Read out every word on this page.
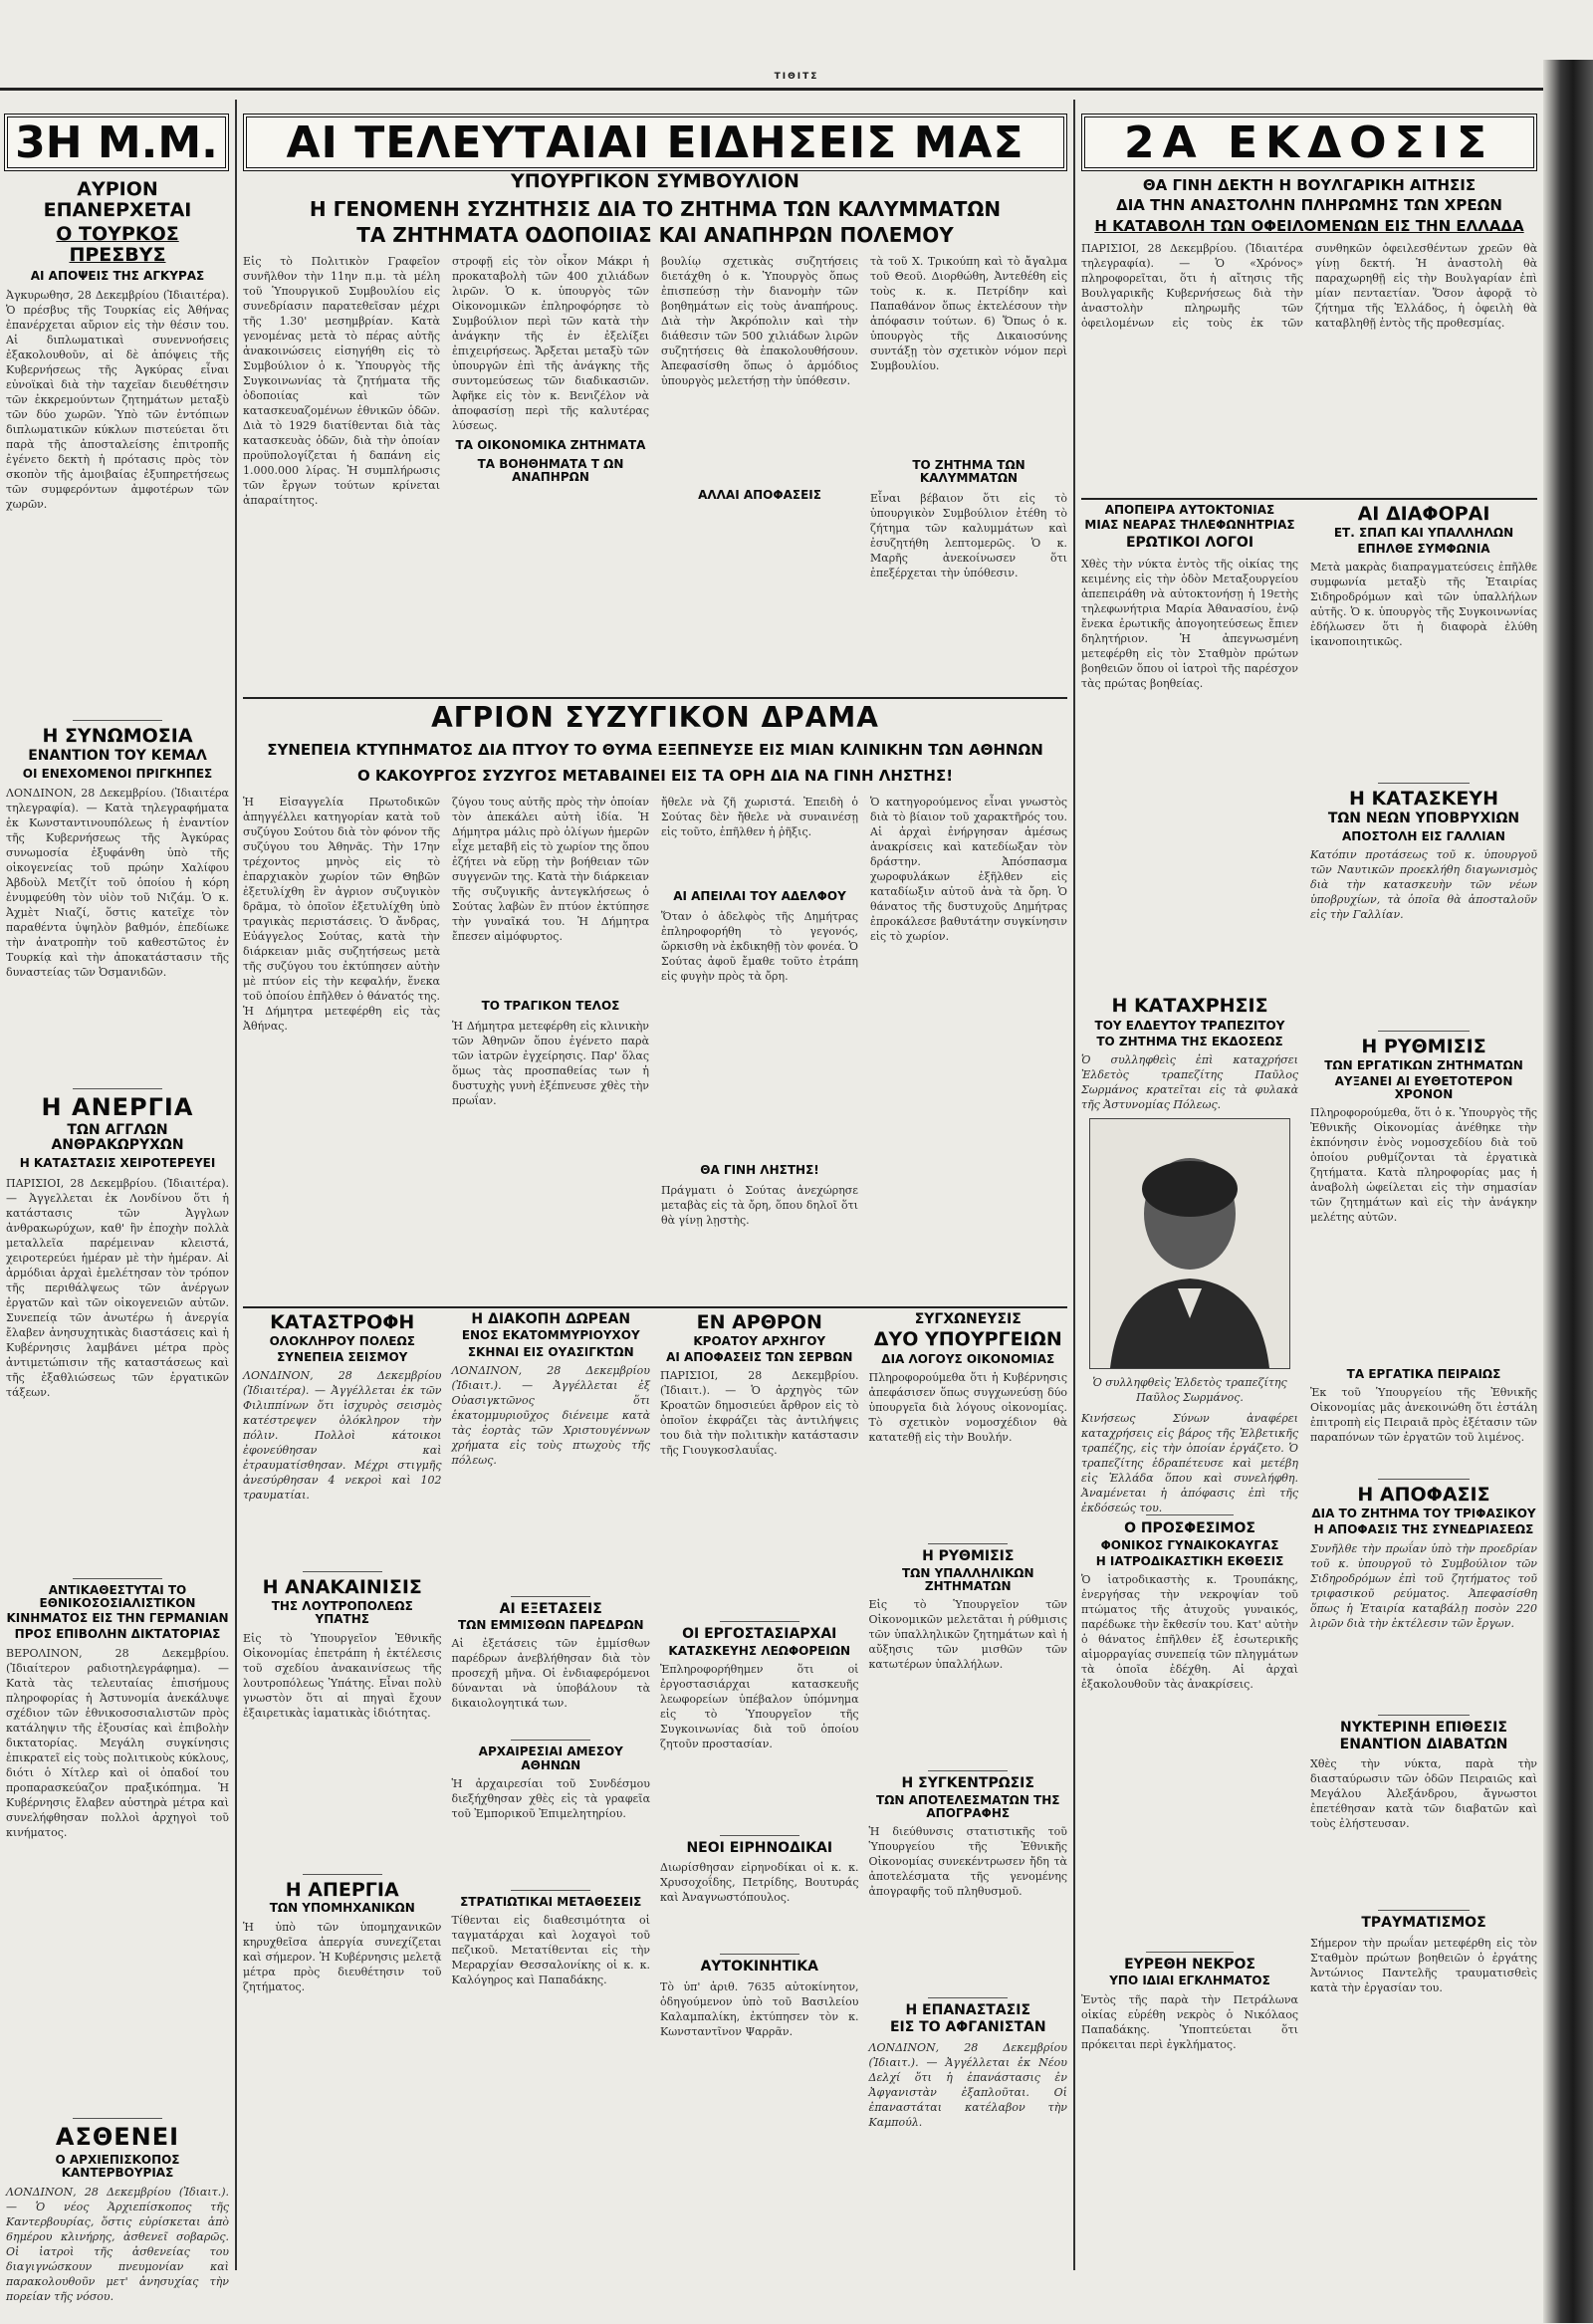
ΤΙΘΙΤΣ
3Η Μ.Μ.	ΑΙ ΤΕΛΕΥΤΑΙΑΙ ΕΙΔΗΣΕΙΣ ΜΑΣ	2Α ΕΚΔΟΣΙΣ
ΑΥΡΙΟΝ ΕΠΑΝΕΡΧΕΤΑΙ
Ο ΤΟΥΡΚΟΣ ΠΡΕΣΒΥΣ
ΑΙ ΑΠΟΨΕΙΣ ΤΗΣ ΑΓΚΥΡΑΣ

Ἀγκυρωθησ, 28 Δεκεμβρίου (Ἰδιαιτέρα). Ὁ πρέσβυς τῆς Τουρκίας εἰς Ἀθήνας ἐπανέρχεται αὔριον εἰς τὴν θέσιν του. Αἱ διπλωματικαὶ συνεννοήσεις ἐξακολουθοῦν, αἱ δὲ ἀπόψεις τῆς Κυβερνήσεως τῆς Ἀγκύρας εἶναι εὐνοϊκαὶ διὰ τὴν ταχεῖαν διευθέτησιν τῶν ἐκκρεμούντων ζητημάτων μεταξὺ τῶν δύο χωρῶν. Ὑπὸ τῶν ἐντόπιων διπλωματικῶν κύκλων πιστεύεται ὅτι παρὰ τῆς ἀποσταλείσης ἐπιτροπῆς ἐγένετο δεκτὴ ἡ πρότασις πρὸς τὸν σκοπὸν τῆς ἀμοιβαίας ἐξυπηρετήσεως τῶν συμφερόντων ἀμφοτέρων τῶν χωρῶν.

Η ΣΥΝΩΜΟΣΙΑ
ΕΝΑΝΤΙΟΝ ΤΟΥ ΚΕΜΑΛ
ΟΙ ΕΝΕΧΟΜΕΝΟΙ ΠΡΙΓΚΗΠΕΣ

ΛΟΝΔΙΝΟΝ, 28 Δεκεμβρίου. (Ἰδιαιτέρα τηλεγραφία). — Κατὰ τηλεγραφήματα ἐκ Κωνσταντινουπόλεως ἡ ἐναντίον τῆς Κυβερνήσεως τῆς Ἀγκύρας συνωμοσία ἐξυφάνθη ὑπὸ τῆς οἰκογενείας τοῦ πρώην Χαλίφου Ἀβδοὺλ Μετζίτ τοῦ ὁποίου ἡ κόρη ἐνυμφεύθη τὸν υἱὸν τοῦ Νιζάμ. Ὁ κ. Ἀχμὲτ Νιαζί, ὅστις κατεῖχε τὸν παραθέντα ὑψηλὸν βαθμόν, ἐπεδίωκε τὴν ἀνατροπὴν τοῦ καθεστῶτος ἐν Τουρκίᾳ καὶ τὴν ἀποκατάστασιν τῆς δυναστείας τῶν Ὀσμανιδῶν.

Η ΑΝΕΡΓΙΑ
ΤΩΝ ΑΓΓΛΩΝ ΑΝΘΡΑΚΩΡΥΧΩΝ
Η ΚΑΤΑΣΤΑΣΙΣ ΧΕΙΡΟΤΕΡΕΥΕΙ

ΠΑΡΙΣΙΟΙ, 28 Δεκεμβρίου. (Ἰδιαιτέρα). — Ἀγγελλεται ἐκ Λονδίνου ὅτι ἡ κατάστασις τῶν Ἀγγλων ἀνθρακωρύχων, καθ' ἣν ἐποχὴν πολλὰ μεταλλεῖα παρέμειναν κλειστά, χειροτερεύει ἡμέραν μὲ τὴν ἡμέραν. Αἱ ἀρμόδιαι ἀρχαὶ ἐμελέτησαν τὸν τρόπον τῆς περιθάλψεως τῶν ἀνέργων ἐργατῶν καὶ τῶν οἰκογενειῶν αὐτῶν. Συνεπείᾳ τῶν ἀνωτέρω ἡ ἀνεργία ἔλαβεν ἀνησυχητικὰς διαστάσεις καὶ ἡ Κυβέρνησις λαμβάνει μέτρα πρὸς ἀντιμετώπισιν τῆς καταστάσεως καὶ τῆς ἐξαθλιώσεως τῶν ἐργατικῶν τάξεων.

ΑΝΤΙΚΑΘΕΣΤΥΤΑΙ ΤΟ ΕΘΝΙΚΟΣΟΣΙΑΛΙΣΤΙΚΟΝ
ΚΙΝΗΜΑΤΟΣ ΕΙΣ ΤΗΝ ΓΕΡΜΑΝΙΑΝ
ΠΡΟΣ ΕΠΙΒΟΛΗΝ ΔΙΚΤΑΤΟΡΙΑΣ

ΒΕΡΟΛΙΝΟΝ, 28 Δεκεμβρίου. (Ἰδιαίτερον ραδιοτηλεγράφημα). — Κατὰ τὰς τελευταίας ἐπισήμους πληροφορίας ἡ Ἀστυνομία ἀνεκάλυψε σχέδιον τῶν ἐθνικοσοσιαλιστῶν πρὸς κατάληψιν τῆς ἐξουσίας καὶ ἐπιβολὴν δικτατορίας. Μεγάλη συγκίνησις ἐπικρατεῖ εἰς τοὺς πολιτικοὺς κύκλους, διότι ὁ Χίτλερ καὶ οἱ ὀπαδοί του προπαρασκεύαζον πραξικόπημα. Ἡ Κυβέρνησις ἔλαβεν αὐστηρὰ μέτρα καὶ συνελήφθησαν πολλοὶ ἀρχηγοὶ τοῦ κινήματος.

ΑΣΘΕΝΕΙ
Ο ΑΡΧΙΕΠΙΣΚΟΠΟΣ ΚΑΝΤΕΡΒΟΥΡΙΑΣ

ΛΟΝΔΙΝΟΝ, 28 Δεκεμβρίου (Ἰδιαιτ.). — Ὁ νέος Ἀρχιεπίσκοπος τῆς Καντερβουρίας, ὅστις εὑρίσκεται ἀπὸ 6ημέρου κλινήρης, ἀσθενεῖ σοβαρῶς. Οἱ ἰατροὶ τῆς ἀσθενείας του διαγιγνώσκουν πνευμονίαν καὶ παρακολουθοῦν μετ' ἀνησυχίας τὴν πορείαν τῆς νόσου.

ΥΠΟΥΡΓΙΚΟΝ ΣΥΜΒΟΥΛΙΟΝ
Η ΓΕΝΟΜΕΝΗ ΣΥΖΗΤΗΣΙΣ ΔΙΑ ΤΟ ΖΗΤΗΜΑ ΤΩΝ ΚΑΛΥΜΜΑΤΩΝ
ΤΑ ΖΗΤΗΜΑΤΑ ΟΔΟΠΟΙΙΑΣ ΚΑΙ ΑΝΑΠΗΡΩΝ ΠΟΛΕΜΟΥ

Εἰς τὸ Πολιτικὸν Γραφεῖον συνῆλθον τὴν 11ην π.μ. τὰ μέλη τοῦ Ὑπουργικοῦ Συμβουλίου εἰς συνεδρίασιν παρατεθεῖσαν μέχρι τῆς 1.30' μεσημβρίαν. Κατὰ γενομένας μετὰ τὸ πέρας αὐτῆς ἀνακοινώσεις εἰσηγήθη εἰς τὸ Συμβούλιον ὁ κ. Ὑπουργὸς τῆς Συγκοινωνίας τὰ ζητήματα τῆς ὁδοποιίας καὶ τῶν κατασκευαζομένων ἐθνικῶν ὁδῶν. Διὰ τὸ 1929 διατίθενται διὰ τὰς κατασκευὰς ὁδῶν, διὰ τὴν ὁποίαν προϋπολογίζεται ἡ δαπάνη εἰς 1.000.000 λίρας. Ἡ συμπλήρωσις τῶν ἔργων τούτων κρίνεται ἀπαραίτητος.

στροφῇ εἰς τὸν οἶκον Μάκρι ἡ προκαταβολὴ τῶν 400 χιλιάδων λιρῶν. Ὁ κ. ὑπουργὸς τῶν Οἰκονομικῶν ἐπληροφόρησε τὸ Συμβούλιον περὶ τῶν κατὰ τὴν ἀνάγκην τῆς ἐν ἐξελίξει ἐπιχειρήσεως. Ἄρξεται μεταξὺ τῶν ὑπουργῶν ἐπὶ τῆς ἀνάγκης τῆς συντομεύσεως τῶν διαδικασιῶν. Ἀφῆκε εἰς τὸν κ. Βενιζέλον νὰ ἀποφασίσῃ περὶ τῆς καλυτέρας λύσεως.

ΤΑ ΟΙΚΟΝΟΜΙΚΑ ΖΗΤΗΜΑΤΑ
ΤΑ ΒΟΗΘΗΜΑΤΑ Τ ΩΝ ΑΝΑΠΗΡΩΝ

βουλίῳ σχετικὰς συζητήσεις διετάχθη ὁ κ. Ὑπουργὸς ὅπως ἐπισπεύσῃ τὴν διανομὴν τῶν βοηθημάτων εἰς τοὺς ἀναπήρους. Διὰ τὴν Ἀκρόπολιν καὶ τὴν διάθεσιν τῶν 500 χιλιάδων λιρῶν συζητήσεις θὰ ἐπακολουθήσουν. Ἀπεφασίσθη ὅπως ὁ ἀρμόδιος ὑπουργὸς μελετήσῃ τὴν ὑπόθεσιν.

ΑΛΛΑΙ ΑΠΟΦΑΣΕΙΣ

τὰ τοῦ Χ. Τρικούπη καὶ τὸ ἄγαλμα τοῦ Θεοῦ. Διορθώθη, Ἀντεθέθη εἰς τοὺς κ. κ. Πετρίδην καὶ Παπαθάνον ὅπως ἐκτελέσουν τὴν ἀπόφασιν τούτων. 6) Ὅπως ὁ κ. ὑπουργὸς τῆς Δικαιοσύνης συντάξῃ τὸν σχετικὸν νόμον περὶ Συμβουλίου.

ΤΟ ΖΗΤΗΜΑ ΤΩΝ ΚΑΛΥΜΜΑΤΩΝ

Εἶναι βέβαιον ὅτι εἰς τὸ ὑπουργικὸν Συμβούλιον ἐτέθη τὸ ζήτημα τῶν καλυμμάτων καὶ ἐσυζητήθη λεπτομερῶς. Ὁ κ. Μαρῆς ἀνεκοίνωσεν ὅτι ἐπεξέρχεται τὴν ὑπόθεσιν.

ΑΓΡΙΟΝ ΣΥΖΥΓΙΚΟΝ ΔΡΑΜΑ
ΣΥΝΕΠΕΙΑ ΚΤΥΠΗΜΑΤΟΣ ΔΙΑ ΠΤΥΟΥ ΤΟ ΘΥΜΑ ΕΞΕΠΝΕΥΣΕ ΕΙΣ ΜΙΑΝ ΚΛΙΝΙΚΗΝ ΤΩΝ ΑΘΗΝΩΝ
Ο ΚΑΚΟΥΡΓΟΣ ΣΥΖΥΓΟΣ ΜΕΤΑΒΑΙΝΕΙ ΕΙΣ ΤΑ ΟΡΗ ΔΙΑ ΝΑ ΓΙΝΗ ΛΗΣΤΗΣ!

Ἡ Εἰσαγγελία Πρωτοδικῶν ἀπηγγέλλει κατηγορίαν κατὰ τοῦ συζύγου Σούτου διὰ τὸν φόνον τῆς συζύγου του Ἀθηνᾶς. Τὴν 17ην τρέχοντος μηνὸς εἰς τὸ ἐπαρχιακὸν χωρίον τῶν Θηβῶν ἐξετυλίχθη ἓν ἀγριον συζυγικὸν δρᾶμα, τὸ ὁποῖον ἐξετυλίχθη ὑπὸ τραγικὰς περιστάσεις. Ὁ ἄνδρας, Εὐάγγελος Σούτας, κατὰ τὴν διάρκειαν μιᾶς συζητήσεως μετὰ τῆς συζύγου του ἐκτύπησεν αὐτὴν μὲ πτύον εἰς τὴν κεφαλήν, ἕνεκα τοῦ ὁποίου ἐπῆλθεν ὁ θάνατός της. Ἡ Δήμητρα μετεφέρθη εἰς τὰς Ἀθήνας.

ζύγου τους αὐτῆς πρὸς τὴν ὁποίαν τὸν ἀπεκάλει αὐτὴ ἰδία. Ἡ Δήμητρα μάλις πρὸ ὀλίγων ἡμερῶν εἶχε μεταβῆ εἰς τὸ χωρίον της ὅπου ἐζήτει νὰ εὕρῃ τὴν βοήθειαν τῶν συγγενῶν της. Κατὰ τὴν διάρκειαν τῆς συζυγικῆς ἀντεγκλήσεως ὁ Σούτας λαβὼν ἓν πτύον ἐκτύπησε τὴν γυναῖκά του. Ἡ Δήμητρα ἔπεσεν αἱμόφυρτος.

ΤΟ ΤΡΑΓΙΚΟΝ ΤΕΛΟΣ

Ἡ Δήμητρα μετεφέρθη εἰς κλινικὴν τῶν Ἀθηνῶν ὅπου ἐγένετο παρὰ τῶν ἰατρῶν ἐγχείρησις. Παρ' ὅλας ὅμως τὰς προσπαθείας των ἡ δυστυχὴς γυνὴ ἐξέπνευσε χθὲς τὴν πρωΐαν.

ἤθελε νὰ ζῆ χωριστά. Ἐπειδὴ ὁ Σούτας δὲν ἤθελε νὰ συναινέσῃ εἰς τοῦτο, ἐπῆλθεν ἡ ῥῆξις.

ΑΙ ΑΠΕΙΛΑΙ ΤΟΥ ΑΔΕΛΦΟΥ

Ὅταν ὁ ἀδελφὸς τῆς Δημήτρας ἐπληροφορήθη τὸ γεγονός, ὥρκισθη νὰ ἐκδικηθῇ τὸν φονέα. Ὁ Σούτας ἀφοῦ ἔμαθε τοῦτο ἐτράπη εἰς φυγὴν πρὸς τὰ ὄρη.

ΘΑ ΓΙΝΗ ΛΗΣΤΗΣ!

Πράγματι ὁ Σούτας ἀνεχώρησε μεταβὰς εἰς τὰ ὄρη, ὅπου δηλοῖ ὅτι θὰ γίνῃ λῃστὴς.

Ὁ κατηγορούμενος εἶναι γνωστὸς διὰ τὸ βίαιον τοῦ χαρακτῆρός του. Αἱ ἀρχαὶ ἐνήργησαν ἀμέσως ἀνακρίσεις καὶ κατεδίωξαν τὸν δράστην. Ἀπόσπασμα χωροφυλάκων ἐξῆλθεν εἰς καταδίωξιν αὐτοῦ ἀνὰ τὰ ὄρη. Ὁ θάνατος τῆς δυστυχοῦς Δημήτρας ἐπροκάλεσε βαθυτάτην συγκίνησιν εἰς τὸ χωρίον.

Η ΚΑΤΑΧΡΗΣΙΣ
ΤΟΥ ΕΛΔΕΥΤΟΥ ΤΡΑΠΕΖΙΤΟΥ
ΤΟ ΖΗΤΗΜΑ ΤΗΣ ΕΚΔΟΣΕΩΣ

Ὁ συλληφθεὶς ἐπὶ καταχρήσει Ἐλδετὸς τραπεζίτης Παῦλος Σωρμάνος κρατεῖται εἰς τὰ φυλακὰ τῆς Ἀστυνομίας Πόλεως.

Ὁ συλληφθεὶς Ἐλδετὸς τραπεζίτης Παῦλος Σωρμάνος.

Κινήσεως Σύνων ἀναφέρει καταχρήσεις εἰς βάρος τῆς Ἑλβετικῆς τραπέζης, εἰς τὴν ὁποίαν ἐργάζετο. Ὁ τραπεζίτης ἐδραπέτευσε καὶ μετέβη εἰς Ἑλλάδα ὅπου καὶ συνελήφθη. Ἀναμένεται ἡ ἀπόφασις ἐπὶ τῆς ἐκδόσεώς του.

Ο ΠΡΟΣΦΕΣΙΜΟΣ
ΦΟΝΙΚΟΣ ΓΥΝΑΙΚΟΚΑΥΓΑΣ
Η ΙΑΤΡΟΔΙΚΑΣΤΙΚΗ ΕΚΘΕΣΙΣ

Ὁ ἰατροδικαστὴς κ. Τρουπάκης, ἐνεργήσας τὴν νεκροψίαν τοῦ πτώματος τῆς ἀτυχοῦς γυναικός, παρέδωκε τὴν ἔκθεσίν του. Κατ' αὐτὴν ὁ θάνατος ἐπῆλθεν ἐξ ἐσωτερικῆς αἱμορραγίας συνεπείᾳ τῶν πληγμάτων τὰ ὁποῖα ἐδέχθη. Αἱ ἀρχαὶ ἐξακολουθοῦν τὰς ἀνακρίσεις.

ΚΑΤΑΣΤΡΟΦΗ
ΟΛΟΚΛΗΡΟΥ ΠΟΛΕΩΣ
ΣΥΝΕΠΕΙΑ ΣΕΙΣΜΟΥ

ΛΟΝΔΙΝΟΝ, 28 Δεκεμβρίου (Ἰδιαιτέρα). — Ἀγγέλλεται ἐκ τῶν Φιλιππίνων ὅτι ἰσχυρὸς σεισμὸς κατέστρεψεν ὁλόκληρον τὴν πόλιν. Πολλοὶ κάτοικοι ἐφονεύθησαν καὶ ἐτραυματίσθησαν. Μέχρι στιγμῆς ἀνεσύρθησαν 4 νεκροὶ καὶ 102 τραυματίαι.

Η ΑΝΑΚΑΙΝΙΣΙΣ
ΤΗΣ ΛΟΥΤΡΟΠΟΛΕΩΣ ΥΠΑΤΗΣ

Εἰς τὸ Ὑπουργεῖον Ἐθνικῆς Οἰκονομίας ἐπετράπη ἡ ἐκτέλεσις τοῦ σχεδίου ἀνακαινίσεως τῆς λουτροπόλεως Ὑπάτης. Εἶναι πολὺ γνωστὸν ὅτι αἱ πηγαὶ ἔχουν ἐξαιρετικὰς ἰαματικὰς ἰδιότητας.

Η ΑΠΕΡΓΙΑ
ΤΩΝ ΥΠΟΜΗΧΑΝΙΚΩΝ

Ἡ ὑπὸ τῶν ὑπομηχανικῶν κηρυχθεῖσα ἀπεργία συνεχίζεται καὶ σήμερον. Ἡ Κυβέρνησις μελετᾷ μέτρα πρὸς διευθέτησιν τοῦ ζητήματος.

Η ΔΙΑΚΟΠΗ ΔΩΡΕΑΝ
ΕΝΟΣ ΕΚΑΤΟΜΜΥΡΙΟΥΧΟΥ
ΣΚΗΝΑΙ ΕΙΣ ΟΥΑΣΙΓΚΤΩΝ

ΛΟΝΔΙΝΟΝ, 28 Δεκεμβρίου (Ἰδιαιτ.). — Ἀγγέλλεται ἐξ Οὐασιγκτῶνος ὅτι ἑκατομμυριοῦχος διένειμε κατὰ τὰς ἑορτὰς τῶν Χριστουγέννων χρήματα εἰς τοὺς πτωχοὺς τῆς πόλεως.

ΑΙ ΕΞΕΤΑΣΕΙΣ
ΤΩΝ ΕΜΜΙΣΘΩΝ ΠΑΡΕΔΡΩΝ

Αἱ ἐξετάσεις τῶν ἐμμίσθων παρέδρων ἀνεβλήθησαν διὰ τὸν προσεχῆ μῆνα. Οἱ ἐνδιαφερόμενοι δύνανται νὰ ὑποβάλουν τὰ δικαιολογητικά των.

ΑΡΧΑΙΡΕΣΙΑΙ ΑΜΕΣΟΥ ΑΘΗΝΩΝ

Ἡ ἀρχαιρεσίαι τοῦ Συνδέσμου διεξήχθησαν χθὲς εἰς τὰ γραφεῖα τοῦ Ἐμπορικοῦ Ἐπιμελητηρίου.

ΣΤΡΑΤΙΩΤΙΚΑΙ ΜΕΤΑΘΕΣΕΙΣ

Τίθενται εἰς διαθεσιμότητα οἱ ταγματάρχαι καὶ λοχαγοὶ τοῦ πεζικοῦ. Μετατίθενται εἰς τὴν Μεραρχίαν Θεσσαλονίκης οἱ κ. κ. Καλόγηρος καὶ Παπαδάκης.

ΕΝ ΑΡΘΡΟΝ
ΚΡΟΑΤΟΥ ΑΡΧΗΓΟΥ
ΑΙ ΑΠΟΦΑΣΕΙΣ ΤΩΝ ΣΕΡΒΩΝ

ΠΑΡΙΣΙΟΙ, 28 Δεκεμβρίου. (Ἰδιαιτ.). — Ὁ ἀρχηγὸς τῶν Κροατῶν δημοσιεύει ἄρθρον εἰς τὸ ὁποῖον ἐκφράζει τὰς ἀντιλήψεις του διὰ τὴν πολιτικὴν κατάστασιν τῆς Γιουγκοσλαυΐας.

ΟΙ ΕΡΓΟΣΤΑΣΙΑΡΧΑΙ
ΚΑΤΑΣΚΕΥΗΣ ΛΕΩΦΟΡΕΙΩΝ

Ἐπληροφορήθημεν ὅτι οἱ ἐργοστασιάρχαι κατασκευῆς λεωφορείων ὑπέβαλον ὑπόμνημα εἰς τὸ Ὑπουργεῖον τῆς Συγκοινωνίας διὰ τοῦ ὁποίου ζητοῦν προστασίαν.

ΝΕΟΙ ΕΙΡΗΝΟΔΙΚΑΙ

Διωρίσθησαν εἰρηνοδίκαι οἱ κ. κ. Χρυσοχοΐδης, Πετρίδης, Βουτυράς καὶ Ἀναγνωστόπουλος.

ΑΥΤΟΚΙΝΗΤΙΚΑ

Τὸ ὑπ' ἀριθ. 7635 αὐτοκίνητον, ὁδηγούμενον ὑπὸ τοῦ Βασιλείου Καλαμπαλίκη, ἐκτύπησεν τὸν κ. Κωνσταντῖνον Ψαρρᾶν.

ΣΥΓΧΩΝΕΥΣΙΣ
ΔΥΟ ΥΠΟΥΡΓΕΙΩΝ
ΔΙΑ ΛΟΓΟΥΣ ΟΙΚΟΝΟΜΙΑΣ

Πληροφορούμεθα ὅτι ἡ Κυβέρνησις ἀπεφάσισεν ὅπως συγχωνεύσῃ δύο ὑπουργεῖα διὰ λόγους οἰκονομίας. Τὸ σχετικὸν νομοσχέδιον θὰ κατατεθῇ εἰς τὴν Βουλήν.

Η ΡΥΘΜΙΣΙΣ
ΤΩΝ ΥΠΑΛΛΗΛΙΚΩΝ ΖΗΤΗΜΑΤΩΝ

Εἰς τὸ Ὑπουργεῖον τῶν Οἰκονομικῶν μελετᾶται ἡ ρύθμισις τῶν ὑπαλληλικῶν ζητημάτων καὶ ἡ αὔξησις τῶν μισθῶν τῶν κατωτέρων ὑπαλλήλων.

Η ΣΥΓΚΕΝΤΡΩΣΙΣ
ΤΩΝ ΑΠΟΤΕΛΕΣΜΑΤΩΝ ΤΗΣ ΑΠΟΓΡΑΦΗΣ

Ἡ διεύθυνσις στατιστικῆς τοῦ Ὑπουργείου τῆς Ἐθνικῆς Οἰκονομίας συνεκέντρωσεν ἤδη τὰ ἀποτελέσματα τῆς γενομένης ἀπογραφῆς τοῦ πληθυσμοῦ.

Η ΕΠΑΝΑΣΤΑΣΙΣ
ΕΙΣ ΤΟ ΑΦΓΑΝΙΣΤΑΝ

ΛΟΝΔΙΝΟΝ, 28 Δεκεμβρίου (Ἰδιαιτ.). — Ἀγγέλλεται ἐκ Νέου Δελχί ὅτι ἡ ἐπανάστασις ἐν Ἀφγανιστὰν ἐξαπλοῦται. Οἱ ἐπαναστάται κατέλαβον τὴν Καμπούλ.

ΘΑ ΓΙΝΗ ΔΕΚΤΗ Η ΒΟΥΛΓΑΡΙΚΗ ΑΙΤΗΣΙΣ
ΔΙΑ ΤΗΝ ΑΝΑΣΤΟΛΗΝ ΠΛΗΡΩΜΗΣ ΤΩΝ ΧΡΕΩΝ
Η ΚΑΤΑΒΟΛΗ ΤΩΝ ΟΦΕΙΛΟΜΕΝΩΝ ΕΙΣ ΤΗΝ ΕΛΛΑΔΑ

ΠΑΡΙΣΙΟΙ, 28 Δεκεμβρίου. (Ἰδιαιτέρα τηλεγραφία). — Ὁ «Χρόνος» πληροφορεῖται, ὅτι ἡ αἴτησις τῆς Βουλγαρικῆς Κυβερνήσεως διὰ τὴν ἀναστολὴν πληρωμῆς τῶν ὀφειλομένων εἰς τοὺς ἐκ τῶν συνθηκῶν ὀφειλεσθέντων χρεῶν θὰ γίνῃ δεκτή. Ἡ ἀναστολὴ θὰ παραχωρηθῇ εἰς τὴν Βουλγαρίαν ἐπὶ μίαν πενταετίαν. Ὅσον ἀφορᾷ τὸ ζήτημα τῆς Ἑλλάδος, ἡ ὀφειλὴ θὰ καταβληθῇ ἐντὸς τῆς προθεσμίας.

ΑΠΟΠΕΙΡΑ ΑΥΤΟΚΤΟΝΙΑΣ
ΜΙΑΣ ΝΕΑΡΑΣ ΤΗΛΕΦΩΝΗΤΡΙΑΣ
ΕΡΩΤΙΚΟΙ ΛΟΓΟΙ

Χθὲς τὴν νύκτα ἐντὸς τῆς οἰκίας της κειμένης εἰς τὴν ὁδὸν Μεταξουργείου ἀπεπειράθη νὰ αὐτοκτονήσῃ ἡ 19ετὴς τηλεφωνήτρια Μαρία Ἀθανασίου, ἐνῷ ἔνεκα ἐρωτικῆς ἀπογοητεύσεως ἔπιεν δηλητήριον. Ἡ ἀπεγνωσμένη μετεφέρθη εἰς τὸν Σταθμὸν πρώτων βοηθειῶν ὅπου οἱ ἰατροὶ τῆς παρέσχον τὰς πρώτας βοηθείας.

ΑΙ ΔΙΑΦΟΡΑΙ
ΕΤ. ΣΠΑΠ ΚΑΙ ΥΠΑΛΛΗΛΩΝ
ΕΠΗΛΘΕ ΣΥΜΦΩΝΙΑ

Μετὰ μακρὰς διαπραγματεύσεις ἐπῆλθε συμφωνία μεταξὺ τῆς Ἑταιρίας Σιδηροδρόμων καὶ τῶν ὑπαλλήλων αὐτῆς. Ὁ κ. ὑπουργὸς τῆς Συγκοινωνίας ἐδήλωσεν ὅτι ἡ διαφορὰ ἐλύθη ἱκανοποιητικῶς.

Η ΚΑΤΑΣΚΕΥΗ
ΤΩΝ ΝΕΩΝ ΥΠΟΒΡΥΧΙΩΝ
ΑΠΟΣΤΟΛΗ ΕΙΣ ΓΑΛΛΙΑΝ

Κατόπιν προτάσεως τοῦ κ. ὑπουργοῦ τῶν Ναυτικῶν προεκλήθη διαγωνισμὸς διὰ τὴν κατασκευὴν τῶν νέων ὑποβρυχίων, τὰ ὁποῖα θὰ ἀποσταλοῦν εἰς τὴν Γαλλίαν.

Η ΡΥΘΜΙΣΙΣ
ΤΩΝ ΕΡΓΑΤΙΚΩΝ ΖΗΤΗΜΑΤΩΝ
ΑΥΞΑΝΕΙ ΑΙ ΕΥΘΕΤΟΤΕΡΟΝ ΧΡΟΝΟΝ

Πληροφορούμεθα, ὅτι ὁ κ. Ὑπουργὸς τῆς Ἐθνικῆς Οἰκονομίας ἀνέθηκε τὴν ἐκπόνησιν ἑνὸς νομοσχεδίου διὰ τοῦ ὁποίου ρυθμίζονται τὰ ἐργατικὰ ζητήματα. Κατὰ πληροφορίας μας ἡ ἀναβολὴ ὠφείλεται εἰς τὴν σημασίαν τῶν ζητημάτων καὶ εἰς τὴν ἀνάγκην μελέτης αὐτῶν.

ΤΑ ΕΡΓΑΤΙΚΑ ΠΕΙΡΑΙΩΣ

Ἐκ τοῦ Ὑπουργείου τῆς Ἐθνικῆς Οἰκονομίας μᾶς ἀνεκοινώθη ὅτι ἐστάλη ἐπιτροπὴ εἰς Πειραιᾶ πρὸς ἐξέτασιν τῶν παραπόνων τῶν ἐργατῶν τοῦ λιμένος.

Η ΑΠΟΦΑΣΙΣ
ΔΙΑ ΤΟ ΖΗΤΗΜΑ ΤΟΥ ΤΡΙΦΑΣΙΚΟΥ
Η ΑΠΟΦΑΣΙΣ ΤΗΣ ΣΥΝΕΔΡΙΑΣΕΩΣ

Συνῆλθε τὴν πρωΐαν ὑπὸ τὴν προεδρίαν τοῦ κ. ὑπουργοῦ τὸ Συμβούλιον τῶν Σιδηροδρόμων ἐπὶ τοῦ ζητήματος τοῦ τριφασικοῦ ρεύματος. Ἀπεφασίσθη ὅπως ἡ Ἑταιρία καταβάλῃ ποσὸν 220 λιρῶν διὰ τὴν ἐκτέλεσιν τῶν ἔργων.

ΝΥΚΤΕΡΙΝΗ ΕΠΙΘΕΣΙΣ
ΕΝΑΝΤΙΟΝ ΔΙΑΒΑΤΩΝ

Χθὲς τὴν νύκτα, παρὰ τὴν διασταύρωσιν τῶν ὁδῶν Πειραιῶς καὶ Μεγάλου Ἀλεξάνδρου, ἄγνωστοι ἐπετέθησαν κατὰ τῶν διαβατῶν καὶ τοὺς ἐλήστευσαν.

ΤΡΑΥΜΑΤΙΣΜΟΣ

Σήμερον τὴν πρωΐαν μετεφέρθη εἰς τὸν Σταθμὸν πρώτων βοηθειῶν ὁ ἐργάτης Ἀντώνιος Παντελῆς τραυματισθεὶς κατὰ τὴν ἐργασίαν του.

ΕΥΡΕΘΗ ΝΕΚΡΟΣ
ΥΠΟ ΙΔΙΑΙ ΕΓΚΛΗΜΑΤΟΣ

Ἐντὸς τῆς παρὰ τὴν Πετράλωνα οἰκίας εὑρέθη νεκρὸς ὁ Νικόλαος Παπαδάκης. Ὑποπτεύεται ὅτι πρόκειται περὶ ἐγκλήματος.
